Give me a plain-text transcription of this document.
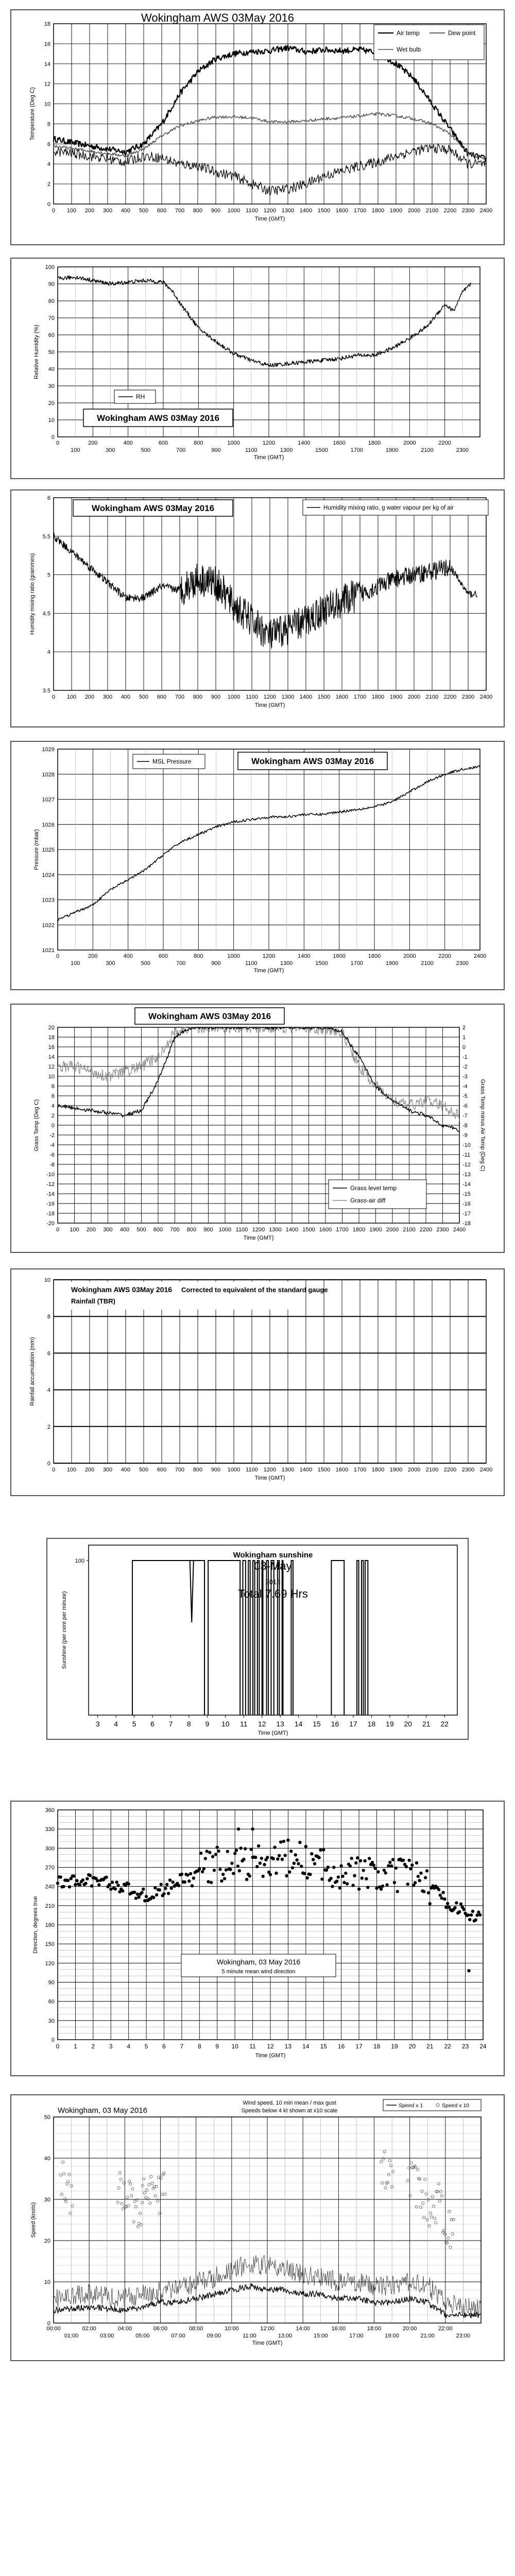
0
2
4
6
8
10
12
14
16
18
Temperature (Deg C)
0 100 200 300 400 500 600 700 800 900 1000 1100 1200 1300 1400 1500 1600 1700 1800 1900 2000 2100 2200 2300 2400
Time (GMT)
Wokingham AWS 03May 2016
Air temp
Wet bulb
Dew point
0
10
20
30
40
50
60
70
80
90
100
Relative Humidity (%)
0	200	400	600	800	1000	1200	1400	1600	1800	2000	2200
100	300	500	700	900	1100	1300	1500	1700	1900	2100	2300
Time (GMT)
RH
Wokingham AWS 03May 2016
3.5
4
4.5
5
5.5
6
Humidity mixing ratio (grammes)
0 100 200 300 400 500 600 700 800 900 1000 1100 1200 1300 1400 1500 1600 1700 1800 1900 2000 2100 2200 2300 2400
Time (GMT)
Wokingham AWS 03May 2016	Humidity mixing ratio, g water vapour per kg of air
1021
1022
1023
1024
1025
1026
1027
1028
1029
Pressure (mbar)
0	200	400	600	800	1000	1200	1400	1600	1800	2000	2200	2400
100	300	500	700	900	1100	1300	1500	1700	1900	2100	2300
Time (GMT)
MSL Pressure	Wokingham AWS 03May 2016
-20
-18
-16
-14
-12
-10
-8
-6
-4
-2
0
2
4
6
8
10
12
14
16
18
20
Grass Temp (Deg C)
-18
-17
-16
-15
-14
-13
-12
-11
-10
-9
-8
-7
-6
-5
-4
-3
-2
-1
0
1
2
Grass Temp minus Air Temp (Deg C)
0 100 200 300 400 500 600 700 800 900 1000 1100 1200 1300 1400 1500 1600 1700 1800 1900 2000 2100 2200 2300 2400
Time (GMT)
Wokingham AWS 03May 2016
Grass level temp
Grass-air diff
0
2
4
6
8
10
Rainfall accumulation (mm)
0 100 200 300 400 500 600 700 800 900 1000 1100 1200 1300 1400 1500 1600 1700 1800 1900 2000 2100 2200 2300 2400
Time (GMT)
Wokingham AWS 03May 2016 Corrected to equivalent of the standard gauge
Rainfall (TBR)
100
Sunshine (per cent per minute)
3 4 5 6 7 8 9 10 11 12 13 14 15 16 17 18 19 20 21 22
Time (GMT)
Wokingham sunshine
03-May
2016
Total 7.69 Hrs
0
30
60
90
120
150
180
210
240
270
300
330
360
Direction, degrees true
0 1 2 3 4 5 6 7 8 9 10 11 12 13 14 15 16 17 18 19 20 21 22 23 24
Time (GMT)
Wokingham, 03 May 2016
5 minute mean wind direction
0
10
20
30
40
50
Speed (knots)
00:00	02:00	04:00	06:00	08:00	10:00	12:00	14:00	16:00	18:00	20:00	22:00
01:00	03:00	05:00	07:00	09:00	11:00	13:00	15:00	17:00	19:00	21:00	23:00
Time (GMT)
Wokingham, 03 May 2016
Wind speed, 10 min mean / max gust
Speeds below 4 kt shown at x10 scale
Speed x 1	Speed x 10
